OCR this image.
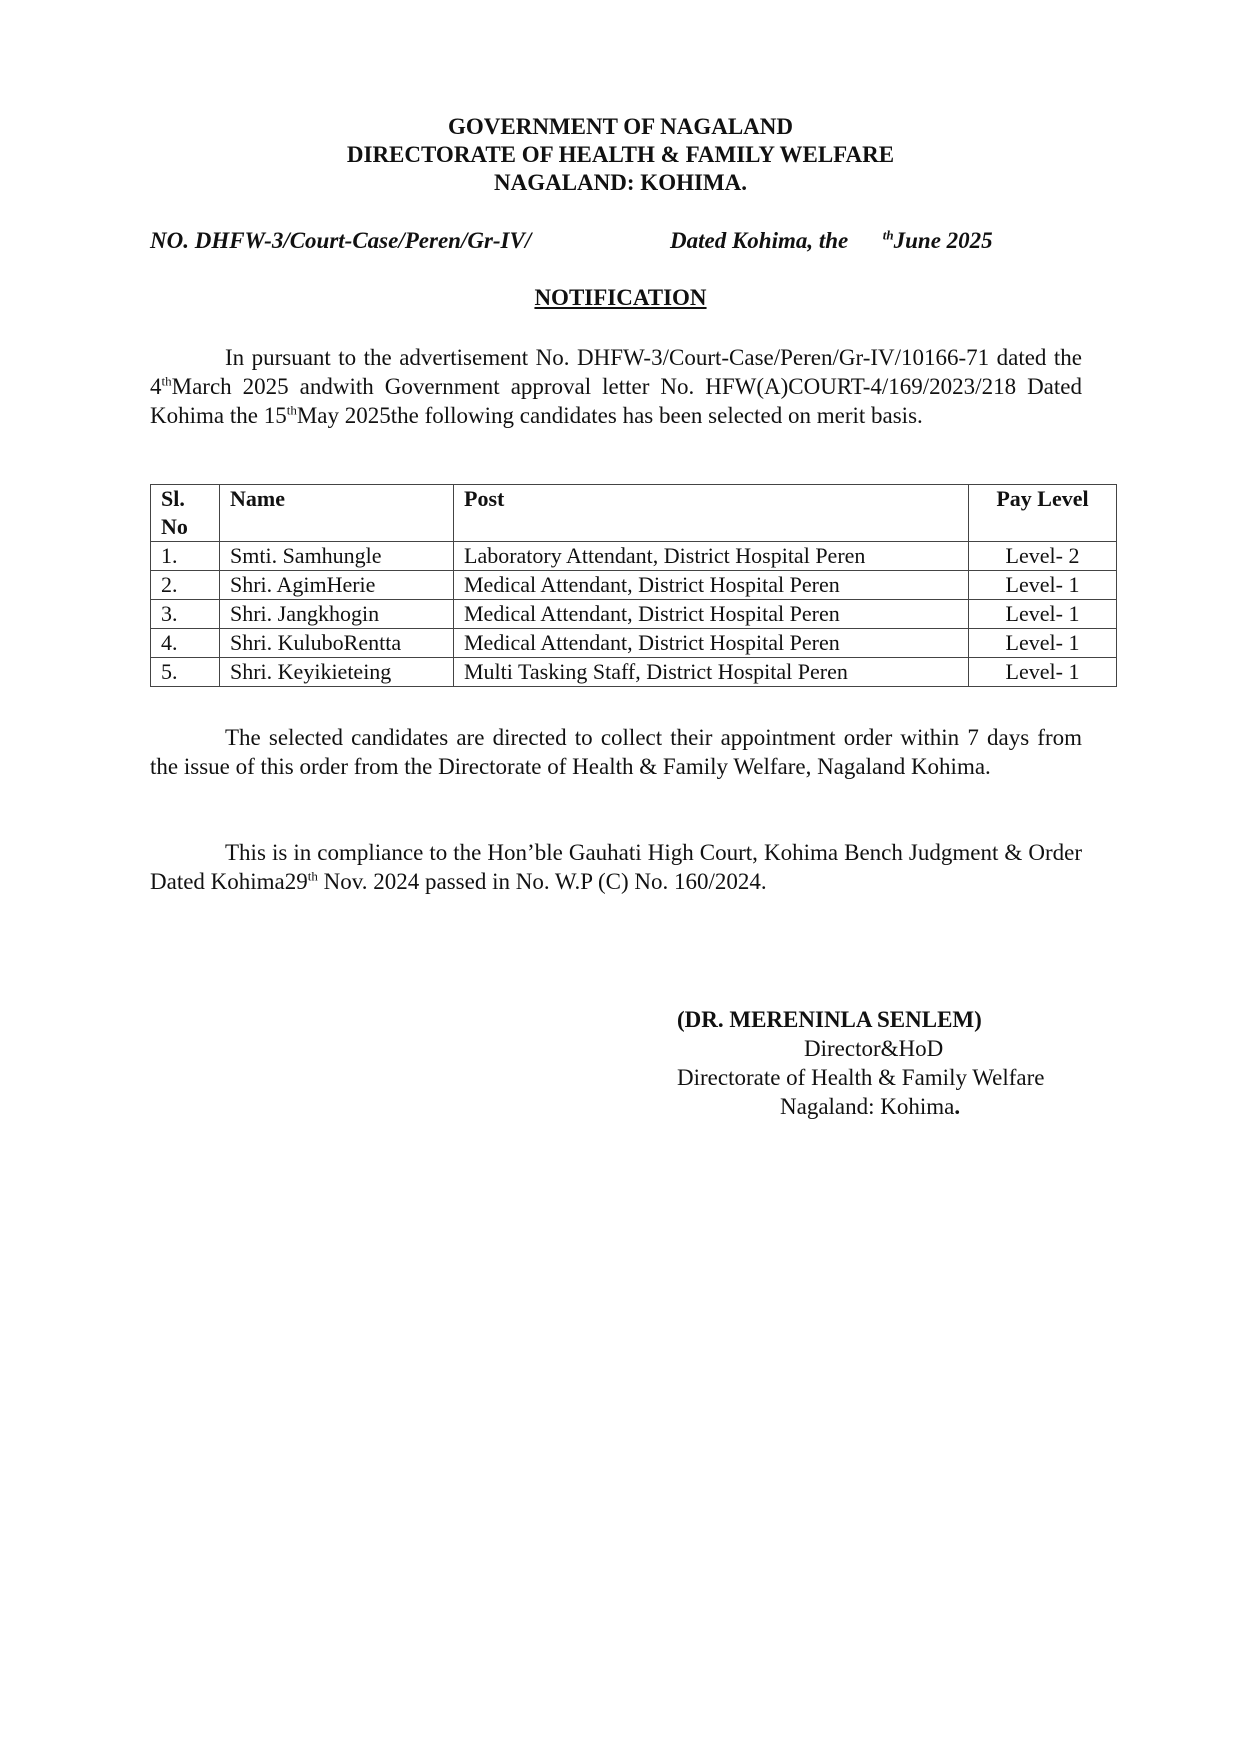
GOVERNMENT OF NAGALAND
DIRECTORATE OF HEALTH & FAMILY WELFARE
NAGALAND: KOHIMA.
NO. DHFW-3/Court-Case/Peren/Gr-IV/	Dated Kohima, the	$^{th}$June 2025
NOTIFICATION

In pursuant to the advertisement No. DHFW-3/Court-Case/Peren/Gr-IV/10166-71 dated the 4thMarch 2025 andwith Government approval letter No. HFW(A)COURT-4/169/2023/218 Dated Kohima the 15thMay 2025the following candidates has been selected on merit basis.

Sl. No	Name	Post	Pay Level
1.	Smti. Samhungle	Laboratory Attendant, District Hospital Peren	Level- 2
2.	Shri. AgimHerie	Medical Attendant, District Hospital Peren	Level- 1
3.	Shri. Jangkhogin	Medical Attendant, District Hospital Peren	Level- 1
4.	Shri. KuluboRentta	Medical Attendant, District Hospital Peren	Level- 1
5.	Shri. Keyikieteing	Multi Tasking Staff, District Hospital Peren	Level- 1

The selected candidates are directed to collect their appointment order within 7 days from the issue of this order from the Directorate of Health & Family Welfare, Nagaland Kohima.

This is in compliance to the Hon’ble Gauhati High Court, Kohima Bench Judgment & Order Dated Kohima29th Nov. 2024 passed in No. W.P (C) No. 160/2024.

(DR. MERENINLA SENLEM)
Director&HoD
Directorate of Health & Family Welfare
Nagaland: Kohima.
